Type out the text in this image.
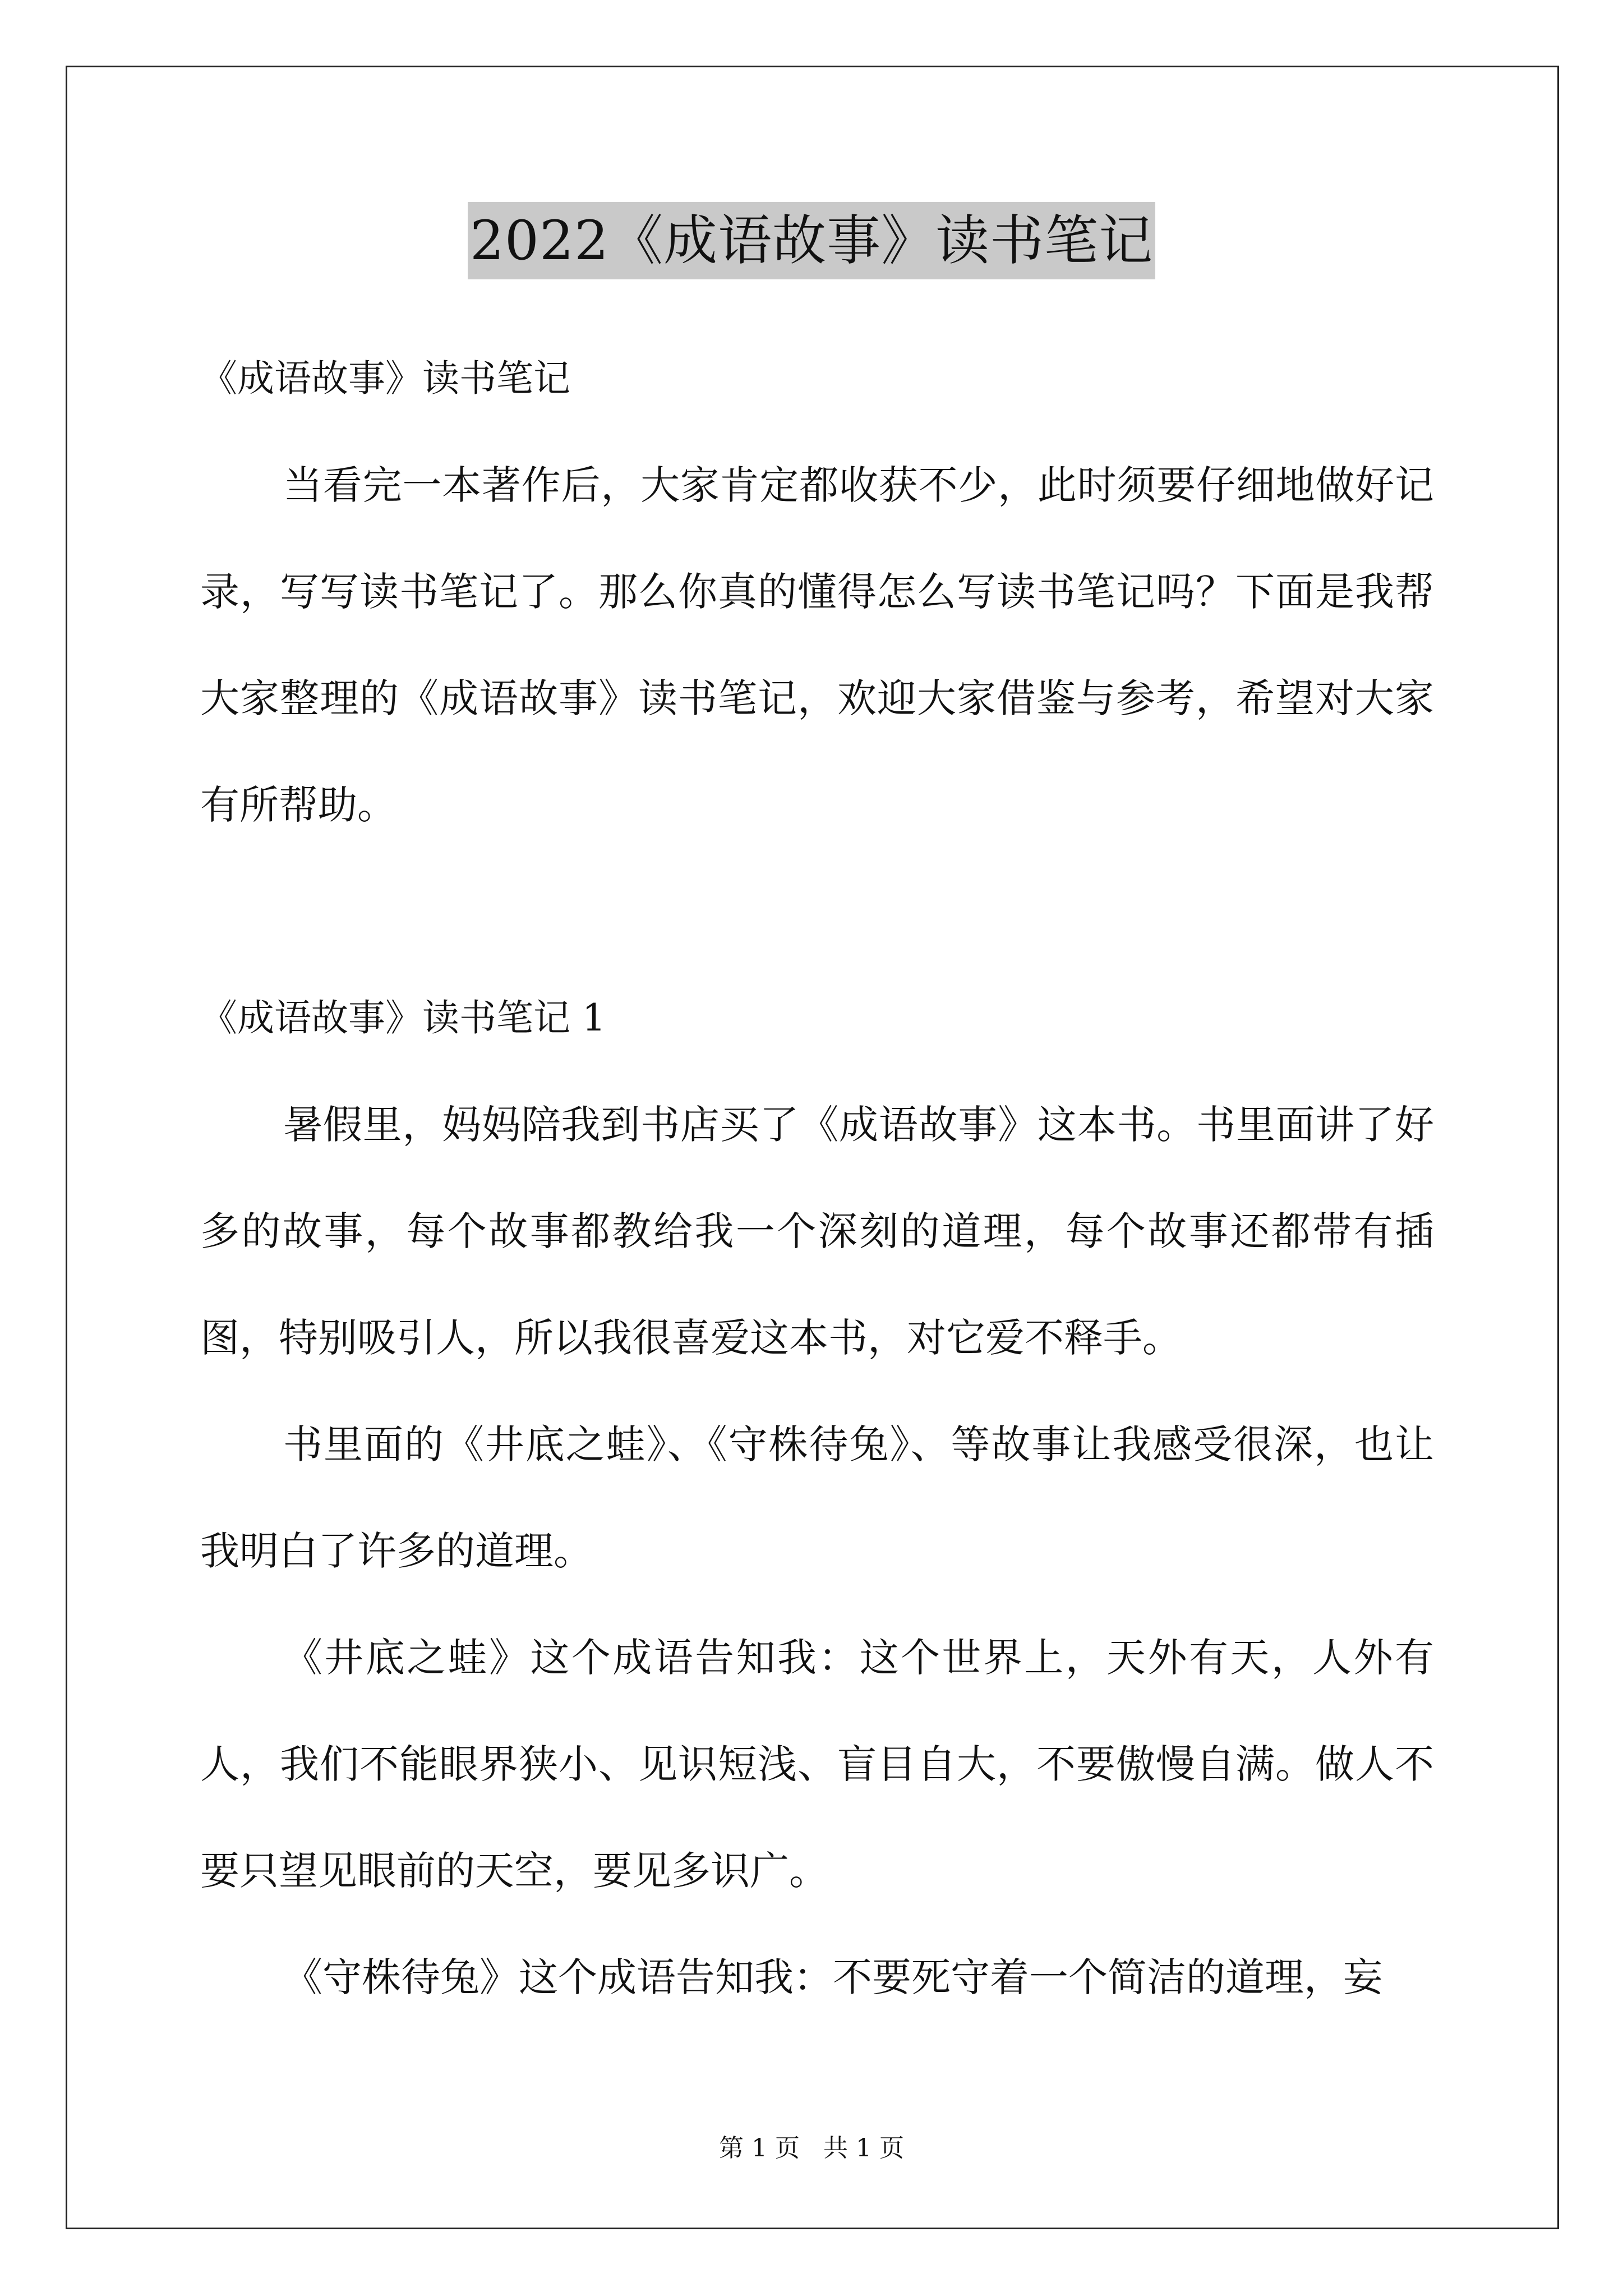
2022《成语故事》读书笔记

《成语故事》读书笔记

当看完一本著作后，大家肯定都收获不少，此时须要仔细地做好记录，写写读书笔记了。那么你真的懂得怎么写读书笔记吗？下面是我帮大家整理的《成语故事》读书笔记，欢迎大家借鉴与参考，希望对大家有所帮助。

《成语故事》读书笔记 1

暑假里，妈妈陪我到书店买了《成语故事》这本书。书里面讲了好多的故事，每个故事都教给我一个深刻的道理，每个故事还都带有插图，特别吸引人，所以我很喜爱这本书，对它爱不释手。

书里面的《井底之蛙》、《守株待兔》、等故事让我感受很深，也让我明白了许多的道理。

《井底之蛙》这个成语告知我：这个世界上，天外有天，人外有人，我们不能眼界狭小、见识短浅、盲目自大，不要傲慢自满。做人不要只望见眼前的天空，要见多识广。

《守株待兔》这个成语告知我：不要死守着一个简洁的道理，妄

第 1 页 共 1 页
